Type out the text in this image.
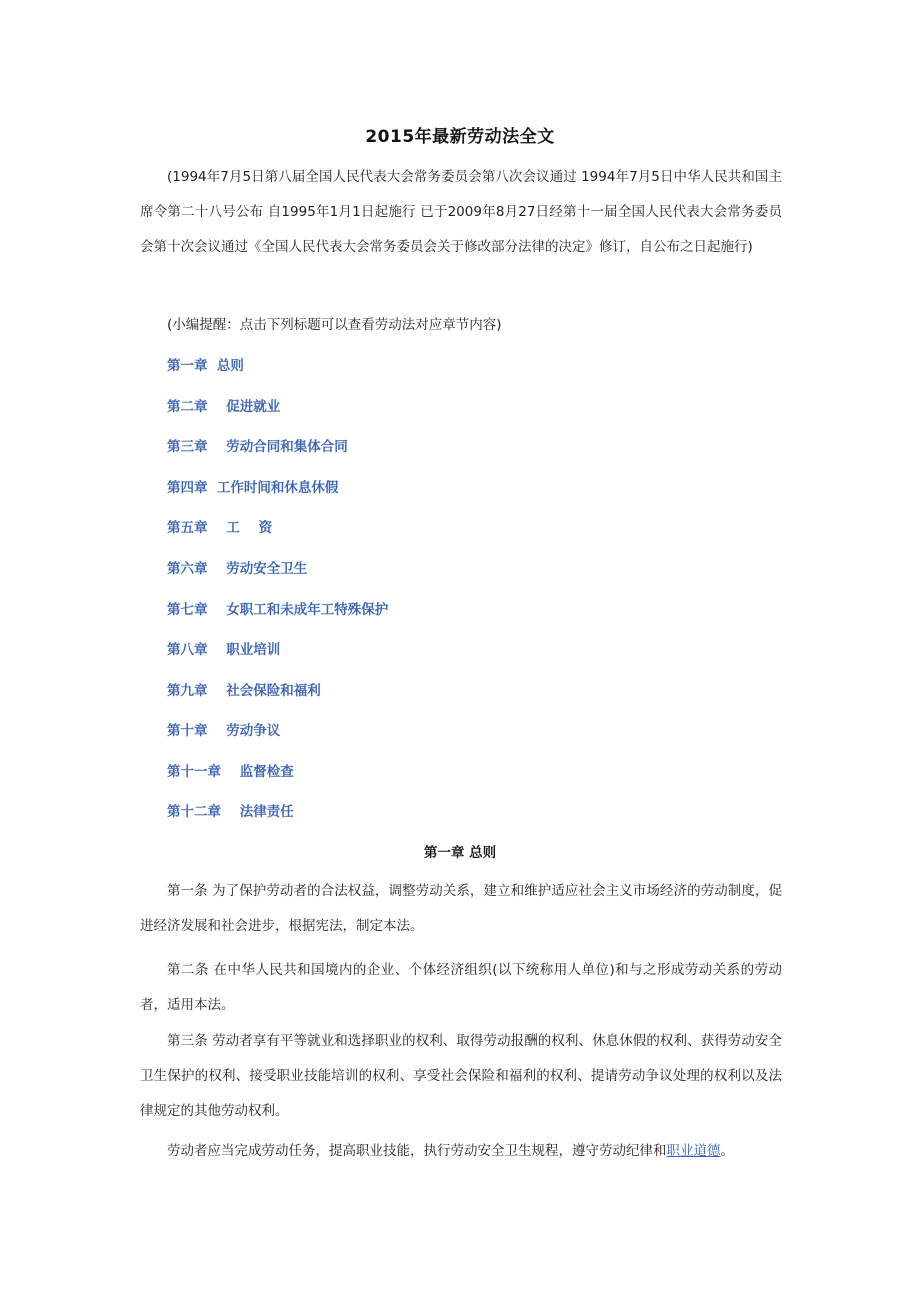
2015年最新劳动法全文
(1994年7月5日第八届全国人民代表大会常务委员会第八次会议通过 1994年7月5日中华人民共和国主席令第二十八号公布 自1995年1月1日起施行 已于2009年8月27日经第十一届全国人民代表大会常务委员会第十次会议通过《全国人民代表大会常务委员会关于修改部分法律的决定》修订，自公布之日起施行)
(小编提醒：点击下列标题可以查看劳动法对应章节内容)
第一章  总则
第二章    促进就业
第三章    劳动合同和集体合同
第四章  工作时间和休息休假
第五章    工    资
第六章    劳动安全卫生
第七章    女职工和未成年工特殊保护
第八章    职业培训
第九章    社会保险和福利
第十章    劳动争议
第十一章    监督检查
第十二章    法律责任
第一章 总则
第一条 为了保护劳动者的合法权益，调整劳动关系，建立和维护适应社会主义市场经济的劳动制度，促进经济发展和社会进步，根据宪法，制定本法。
第二条 在中华人民共和国境内的企业、个体经济组织(以下统称用人单位)和与之形成劳动关系的劳动者，适用本法。
第三条 劳动者享有平等就业和选择职业的权利、取得劳动报酬的权利、休息休假的权利、获得劳动安全卫生保护的权利、接受职业技能培训的权利、享受社会保险和福利的权利、提请劳动争议处理的权利以及法律规定的其他劳动权利。
劳动者应当完成劳动任务，提高职业技能，执行劳动安全卫生规程，遵守劳动纪律和职业道德。
